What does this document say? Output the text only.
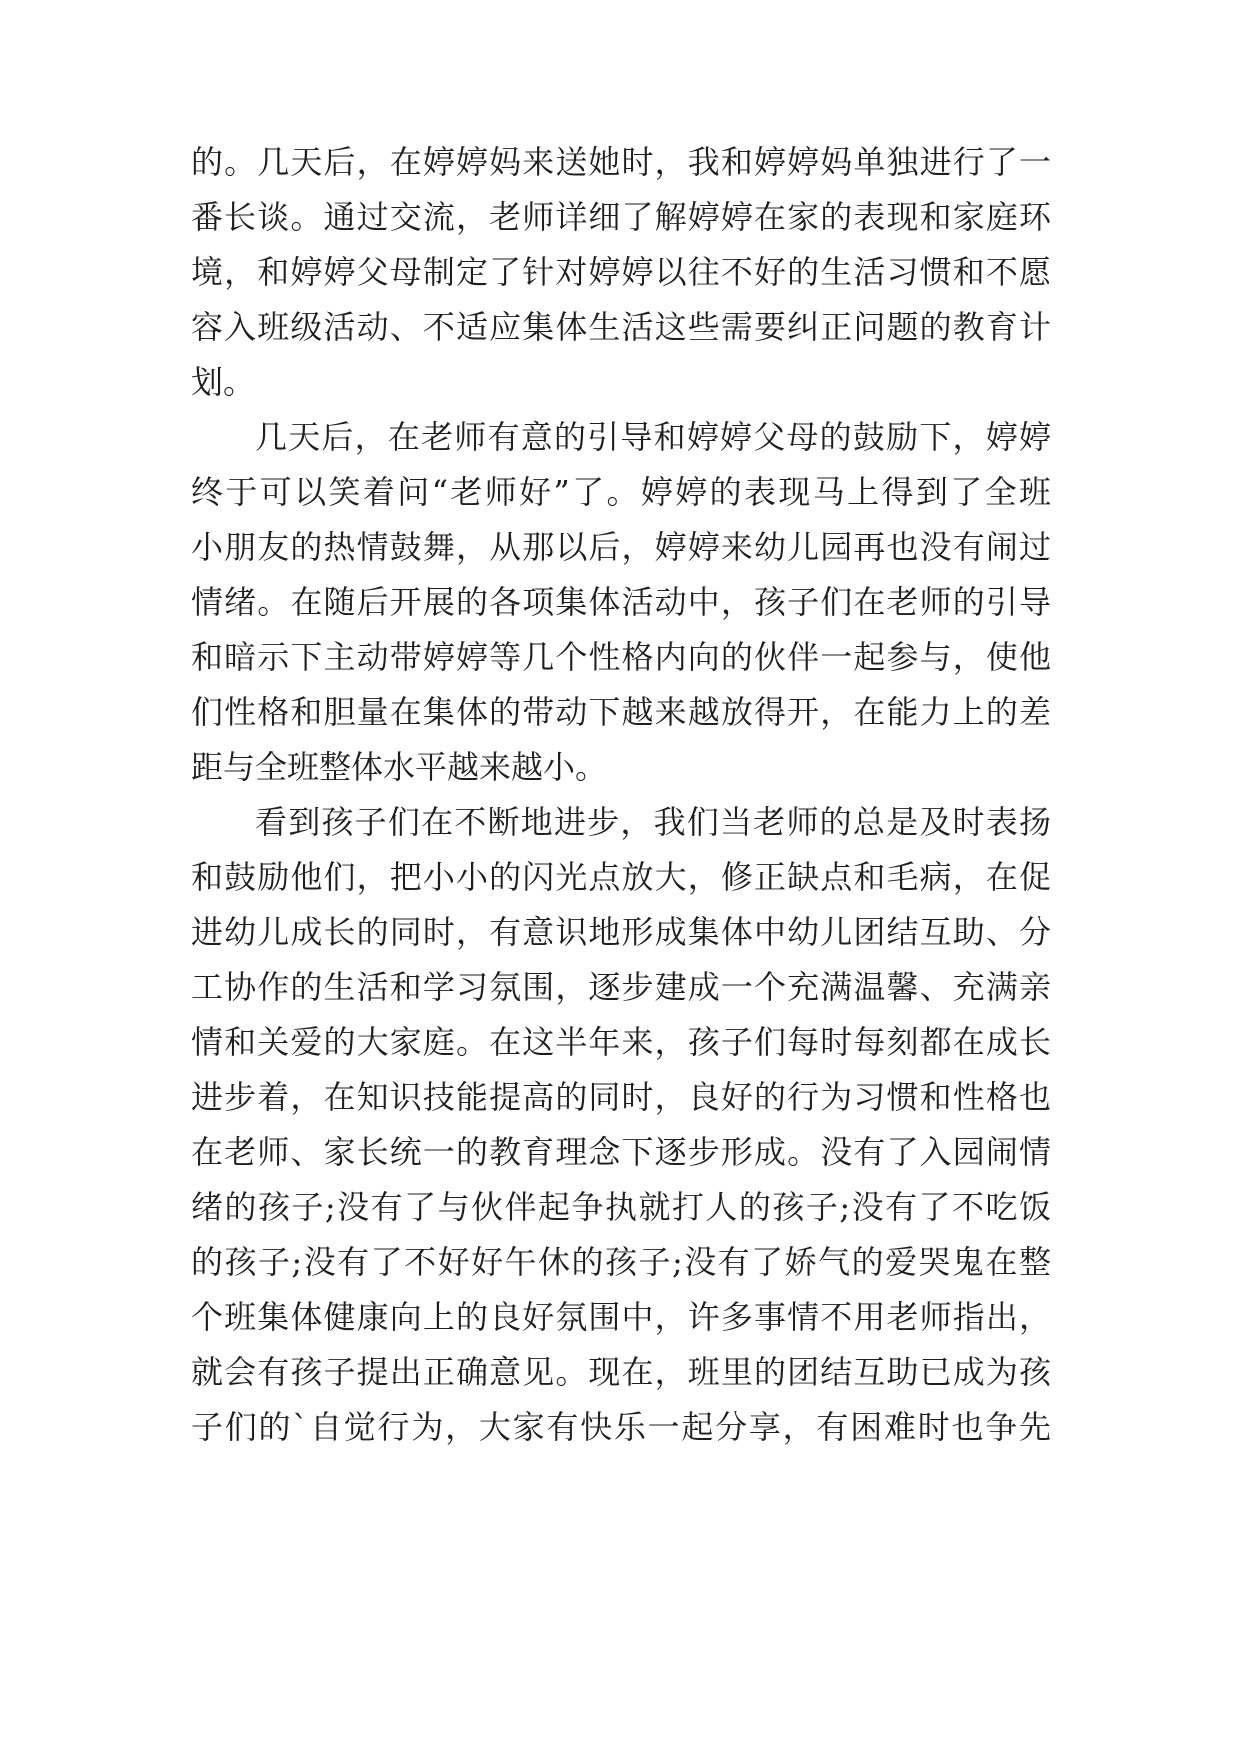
的。几天后，在婷婷妈来送她时，我和婷婷妈单独进行了一
番长谈。通过交流，老师详细了解婷婷在家的表现和家庭环
境，和婷婷父母制定了针对婷婷以往不好的生活习惯和不愿
容入班级活动、不适应集体生活这些需要纠正问题的教育计
划。
几天后，在老师有意的引导和婷婷父母的鼓励下，婷婷
终于可以笑着问“老师好”了。婷婷的表现马上得到了全班
小朋友的热情鼓舞，从那以后，婷婷来幼儿园再也没有闹过
情绪。在随后开展的各项集体活动中，孩子们在老师的引导
和暗示下主动带婷婷等几个性格内向的伙伴一起参与，使他
们性格和胆量在集体的带动下越来越放得开，在能力上的差
距与全班整体水平越来越小。
看到孩子们在不断地进步，我们当老师的总是及时表扬
和鼓励他们，把小小的闪光点放大，修正缺点和毛病，在促
进幼儿成长的同时，有意识地形成集体中幼儿团结互助、分
工协作的生活和学习氛围，逐步建成一个充满温馨、充满亲
情和关爱的大家庭。在这半年来，孩子们每时每刻都在成长
进步着，在知识技能提高的同时，良好的行为习惯和性格也
在老师、家长统一的教育理念下逐步形成。没有了入园闹情
绪的孩子;没有了与伙伴起争执就打人的孩子;没有了不吃饭
的孩子;没有了不好好午休的孩子;没有了娇气的爱哭鬼在整
个班集体健康向上的良好氛围中，许多事情不用老师指出，
就会有孩子提出正确意见。现在，班里的团结互助已成为孩
子们的`自觉行为，大家有快乐一起分享，有困难时也争先
